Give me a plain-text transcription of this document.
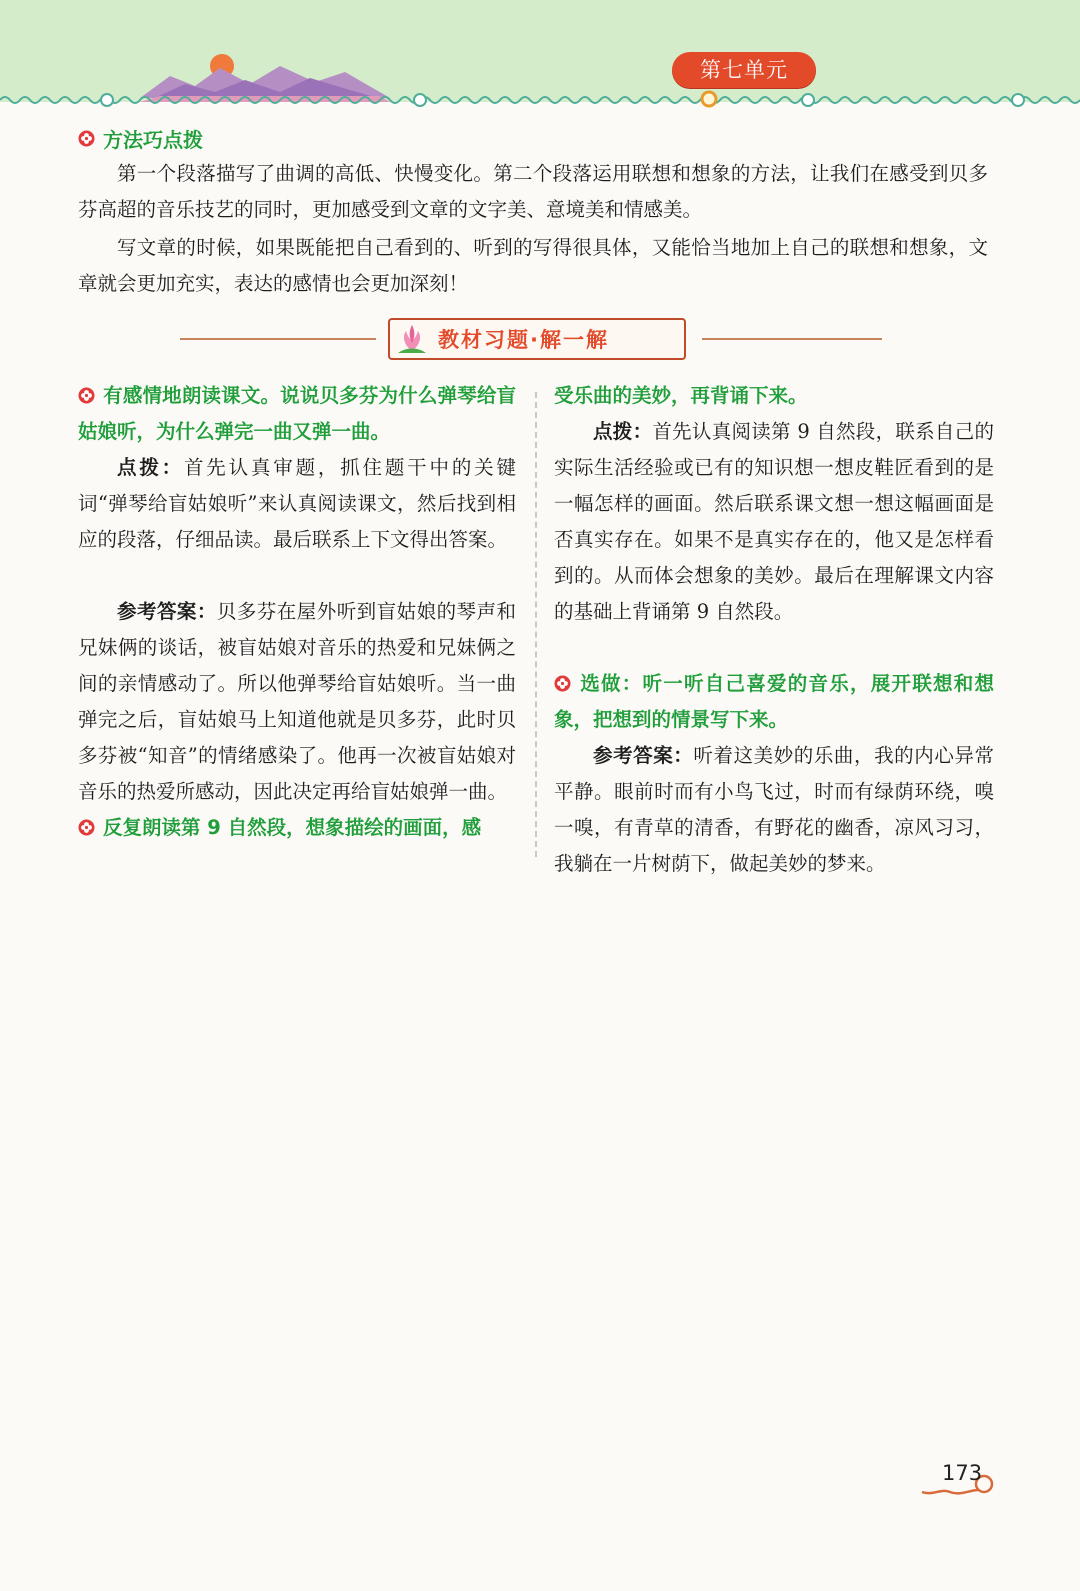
第七单元
方法巧点拨

第一个段落描写了曲调的高低、快慢变化。第二个段落运用联想和想象的方法，让我们在感受到贝多芬高超的音乐技艺的同时，更加感受到文章的文字美、意境美和情感美。

写文章的时候，如果既能把自己看到的、听到的写得很具体，又能恰当地加上自己的联想和想象，文章就会更加充实，表达的感情也会更加深刻！

教材习题·解一解

有感情地朗读课文。说说贝多芬为什么弹琴给盲姑娘听，为什么弹完一曲又弹一曲。

点拨：首先认真审题，抓住题干中的关键词“弹琴给盲姑娘听”来认真阅读课文，然后找到相应的段落，仔细品读。最后联系上下文得出答案。

参考答案：贝多芬在屋外听到盲姑娘的琴声和兄妹俩的谈话，被盲姑娘对音乐的热爱和兄妹俩之间的亲情感动了。所以他弹琴给盲姑娘听。当一曲弹完之后，盲姑娘马上知道他就是贝多芬，此时贝多芬被“知音”的情绪感染了。他再一次被盲姑娘对音乐的热爱所感动，因此决定再给盲姑娘弹一曲。

反复朗读第 9 自然段，想象描绘的画面，感

受乐曲的美妙，再背诵下来。

点拨：首先认真阅读第 9 自然段，联系自己的实际生活经验或已有的知识想一想皮鞋匠看到的是一幅怎样的画面。然后联系课文想一想这幅画面是否真实存在。如果不是真实存在的，他又是怎样看到的。从而体会想象的美妙。最后在理解课文内容的基础上背诵第 9 自然段。

选做：听一听自己喜爱的音乐，展开联想和想象，把想到的情景写下来。

参考答案：听着这美妙的乐曲，我的内心异常平静。眼前时而有小鸟飞过，时而有绿荫环绕，嗅一嗅，有青草的清香，有野花的幽香，凉风习习，我躺在一片树荫下，做起美妙的梦来。

173
